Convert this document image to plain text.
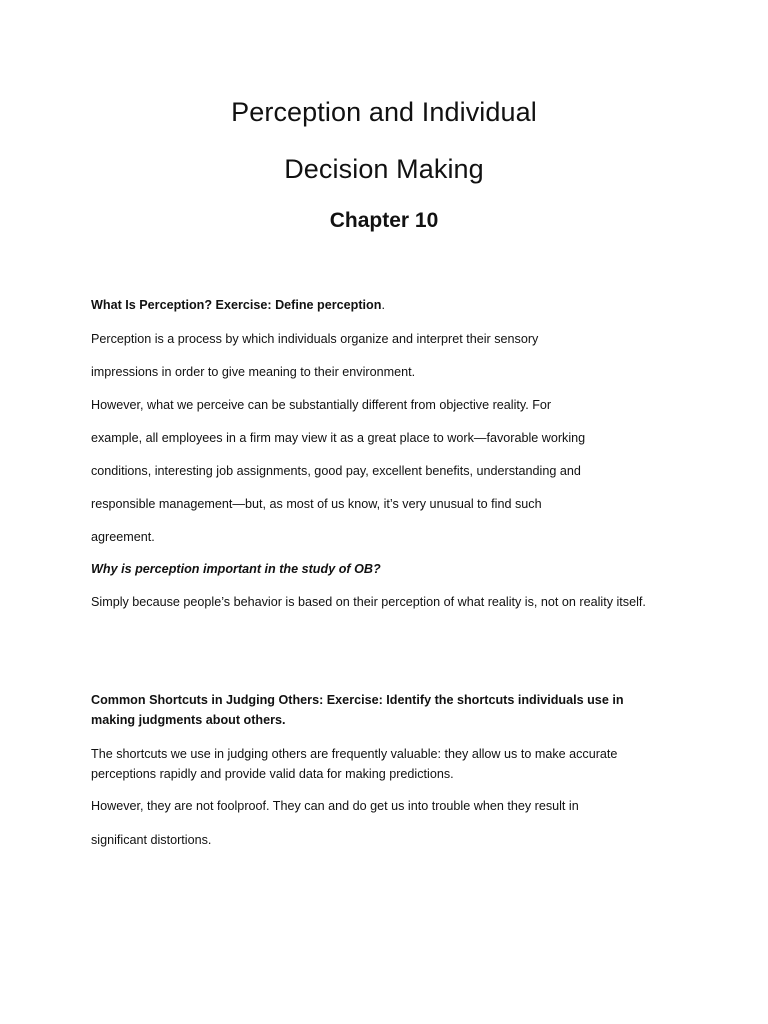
Perception and Individual
Decision Making
Chapter 10

What Is Perception? Exercise: Define perception.

Perception is a process by which individuals organize and interpret their sensory

impressions in order to give meaning to their environment.

However, what we perceive can be substantially different from objective reality. For

example, all employees in a firm may view it as a great place to work—favorable working

conditions, interesting job assignments, good pay, excellent benefits, understanding and

responsible management—but, as most of us know, it’s very unusual to find such

agreement.

Why is perception important in the study of OB?

Simply because people’s behavior is based on their perception of what reality is, not on reality itself.

Common Shortcuts in Judging Others: Exercise: Identify the shortcuts individuals use in making judgments about others.

The shortcuts we use in judging others are frequently valuable: they allow us to make accurate perceptions rapidly and provide valid data for making predictions.

However, they are not foolproof. They can and do get us into trouble when they result in

significant distortions.
